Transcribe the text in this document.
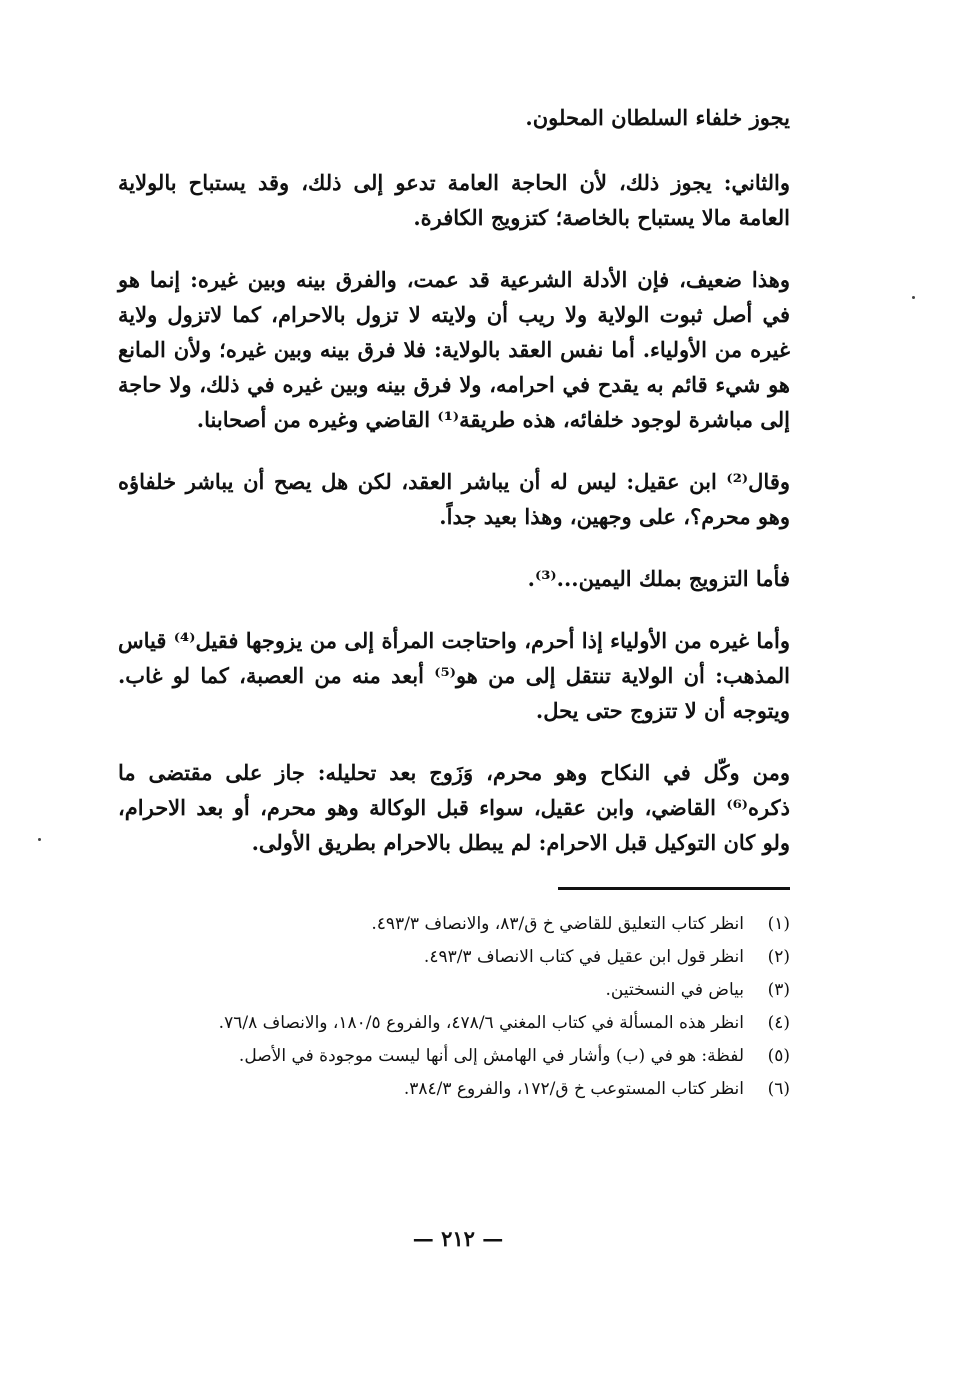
يجوز خلفاء السلطان المحلون.

والثاني: يجوز ذلك، لأن الحاجة العامة تدعو إلى ذلك، وقد يستباح بالولاية العامة مالا يستباح بالخاصة؛ كتزويج الكافرة.

وهذا ضعيف، فإن الأدلة الشرعية قد عمت، والفرق بينه وبين غيره: إنما هو في أصل ثبوت الولاية ولا ريب أن ولايته لا تزول بالاحرام، كما لاتزول ولاية غيره من الأولياء. أما نفس العقد بالولاية: فلا فرق بينه وبين غيره؛ ولأن المانع هو شيء قائم به يقدح في احرامه، ولا فرق بينه وبين غيره في ذلك، ولا حاجة إلى مباشرة لوجود خلفائه، هذه طريقة⁽¹⁾ القاضي وغيره من أصحابنا.

وقال⁽²⁾ ابن عقيل: ليس له أن يباشر العقد، لكن هل يصح أن يباشر خلفاؤه وهو محرم؟، على وجهين، وهذا بعيد جداً.

فأما التزويج بملك اليمين...⁽³⁾.

وأما غيره من الأولياء إذا أحرم، واحتاجت المرأة إلى من يزوجها فقيل⁽⁴⁾ قياس المذهب: أن الولاية تنتقل إلى من هو⁽⁵⁾ أبعد منه من العصبة، كما لو غاب. ويتوجه أن لا تتزوج حتى يحل.

ومن وكّل في النكاح وهو محرم، وَزَوج بعد تحليله: جاز على مقتضى ما ذكره⁽⁶⁾ القاضي، وابن عقيل، سواء قبل الوكالة وهو محرم، أو بعد الاحرام، ولو كان التوكيل قبل الاحرام: لم يبطل بالاحرام بطريق الأولى.

(١)
انظر كتاب التعليق للقاضي خ ق/٨٣، والانصاف ٤٩٣/٣.
(٢)
انظر قول ابن عقيل في كتاب الانصاف ٤٩٣/٣.
(٣)
بياض في النسختين.
(٤)
انظر هذه المسألة في كتاب المغني ٤٧٨/٦، والفروع ١٨٠/٥، والانصاف ٧٦/٨.
(٥)
لفظة: هو في (ب) وأشار في الهامش إلى أنها ليست موجودة في الأصل.
(٦)
انظر كتاب المستوعب خ ق/١٧٢، والفروع ٣٨٤/٣.
— ٢١٢ —
